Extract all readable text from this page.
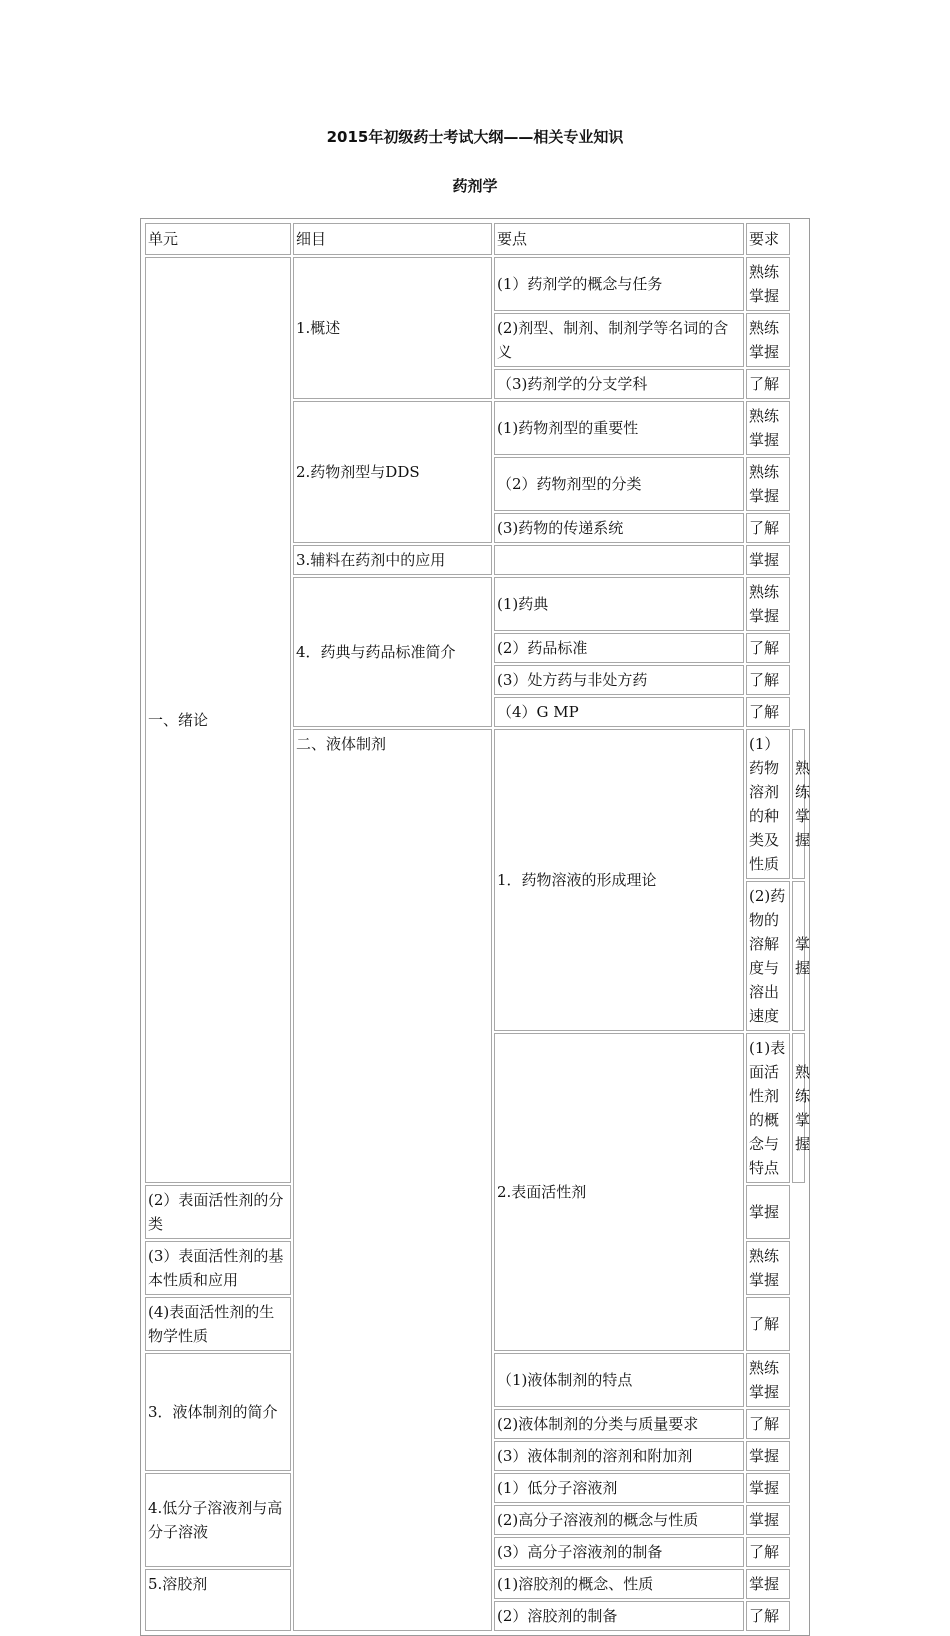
2015年初级药士考试大纲——相关专业知识
药剂学
单元	细目	要点	要求	
一、绪论	1.概述	(1）药剂学的概念与任务	熟练掌握	
		(2)剂型、制剂、制剂学等名词的含义	熟练掌握	
		（3)药剂学的分支学科	了解	
	2.药物剂型与DDS	(1)药物剂型的重要性	熟练掌握	
		（2）药物剂型的分类	熟练掌握	
		(3)药物的传递系统	了解	
	3.辅料在药剂中的应用		掌握	
	4．药典与药品标准简介	(1)药典	熟练掌握	
		(2）药品标准	了解	
		(3）处方药与非处方药	了解	
		（4）G MP	了解	
	二、液体制剂	1．药物溶液的形成理论	(1）药物溶剂的种类及性质	熟练掌握
			(2)药物的溶解度与溶出速度	掌握
		2.表面活性剂	(1)表面活性剂的概念与特点	熟练掌握
(2）表面活性剂的分类			掌握	
(3）表面活性剂的基本性质和应用			熟练掌握	
(4)表面活性剂的生物学性质			了解	
3．液体制剂的简介		（1)液体制剂的特点	熟练掌握	
		(2)液体制剂的分类与质量要求	了解	
		(3）液体制剂的溶剂和附加剂	掌握	
4.低分子溶液剂与高分子溶液		(1）低分子溶液剂	掌握	
		(2)高分子溶液剂的概念与性质	掌握	
		(3）高分子溶液剂的制备	了解	
5.溶胶剂		(1)溶胶剂的概念、性质	掌握	
		(2）溶胶剂的制备	了解	
